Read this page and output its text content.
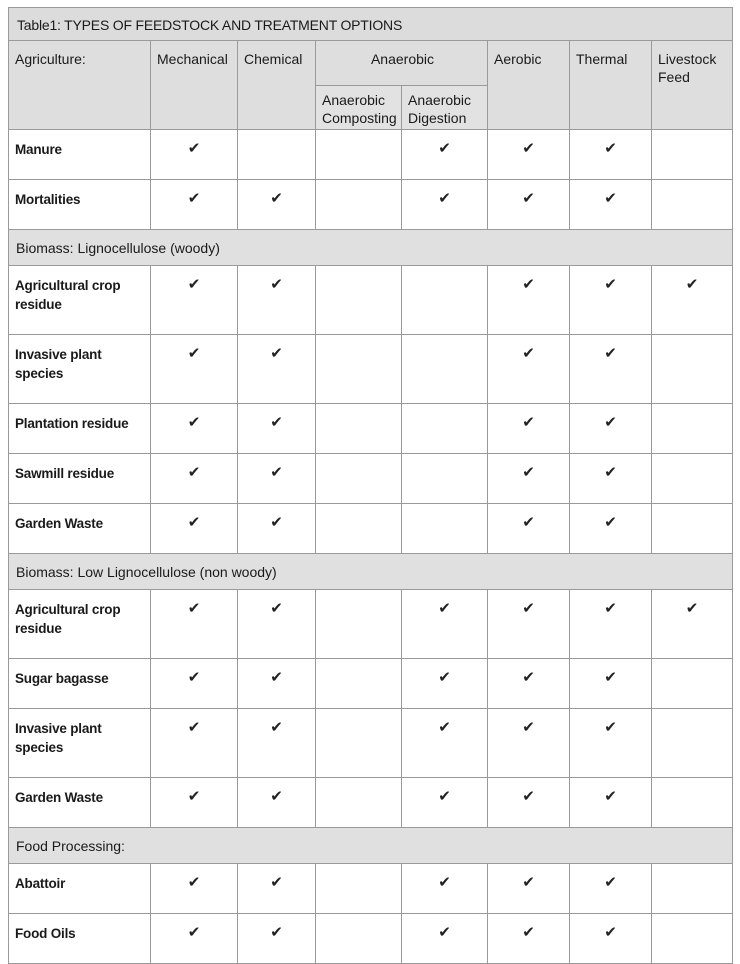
Table1: TYPES OF FEEDSTOCK AND TREATMENT OPTIONS							
Agriculture:	Mechanical	Chemical	Anaerobic		Aerobic	Thermal	Livestock Feed
			Anaerobic Composting	Anaerobic Digestion			
Manure	✔			✔	✔	✔	
Mortalities	✔	✔		✔	✔	✔	
Biomass: Lignocellulose (woody)							
Agricultural crop residue	✔	✔			✔	✔	✔
Invasive plant species	✔	✔			✔	✔	
Plantation residue	✔	✔			✔	✔	
Sawmill residue	✔	✔			✔	✔	
Garden Waste	✔	✔			✔	✔	
Biomass: Low Lignocellulose (non woody)							
Agricultural crop residue	✔	✔		✔	✔	✔	✔
Sugar bagasse	✔	✔		✔	✔	✔	
Invasive plant species	✔	✔		✔	✔	✔	
Garden Waste	✔	✔		✔	✔	✔	
Food Processing:							
Abattoir	✔	✔		✔	✔	✔	
Food Oils	✔	✔		✔	✔	✔	
